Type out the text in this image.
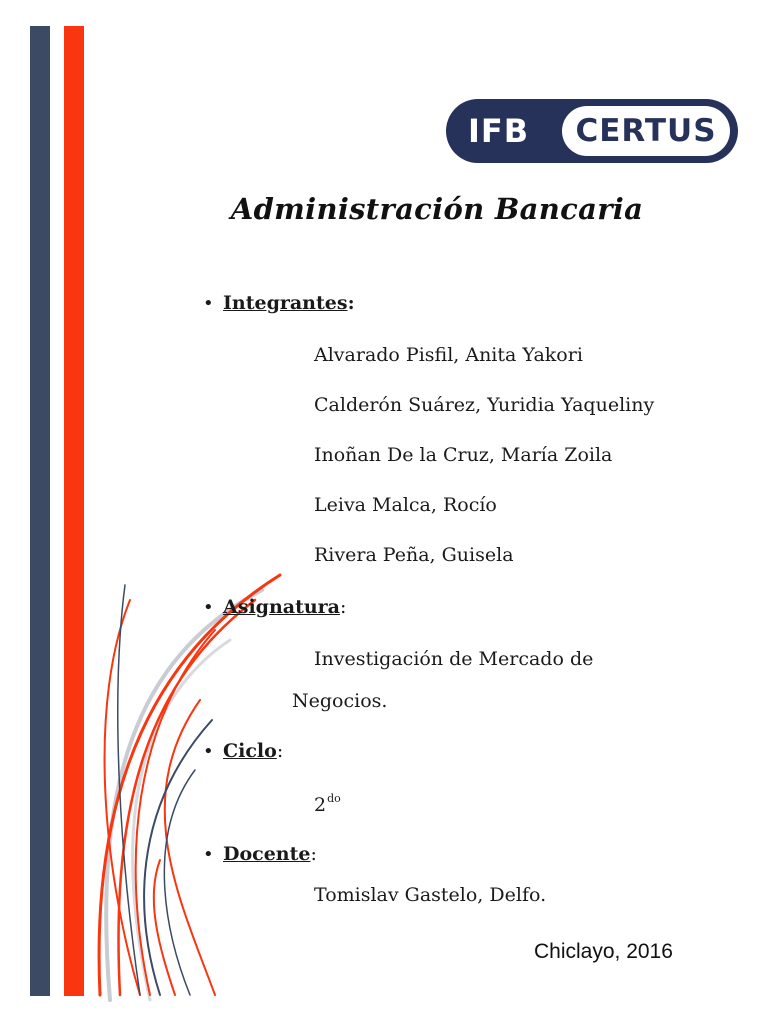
IFB	CERTUS
Administración Bancaria
• Integrantes:
Alvarado Pisfil, Anita Yakori
Calderón Suárez, Yuridia Yaqueliny
Inoñan De la Cruz, María Zoila
Leiva Malca, Rocío
Rivera Peña, Guisela
• Asignatura:
Investigación de Mercado de
Negocios.
• Ciclo:
$2^{do}$
• Docente:
Tomislav Gastelo, Delfo.
Chiclayo, 2016
